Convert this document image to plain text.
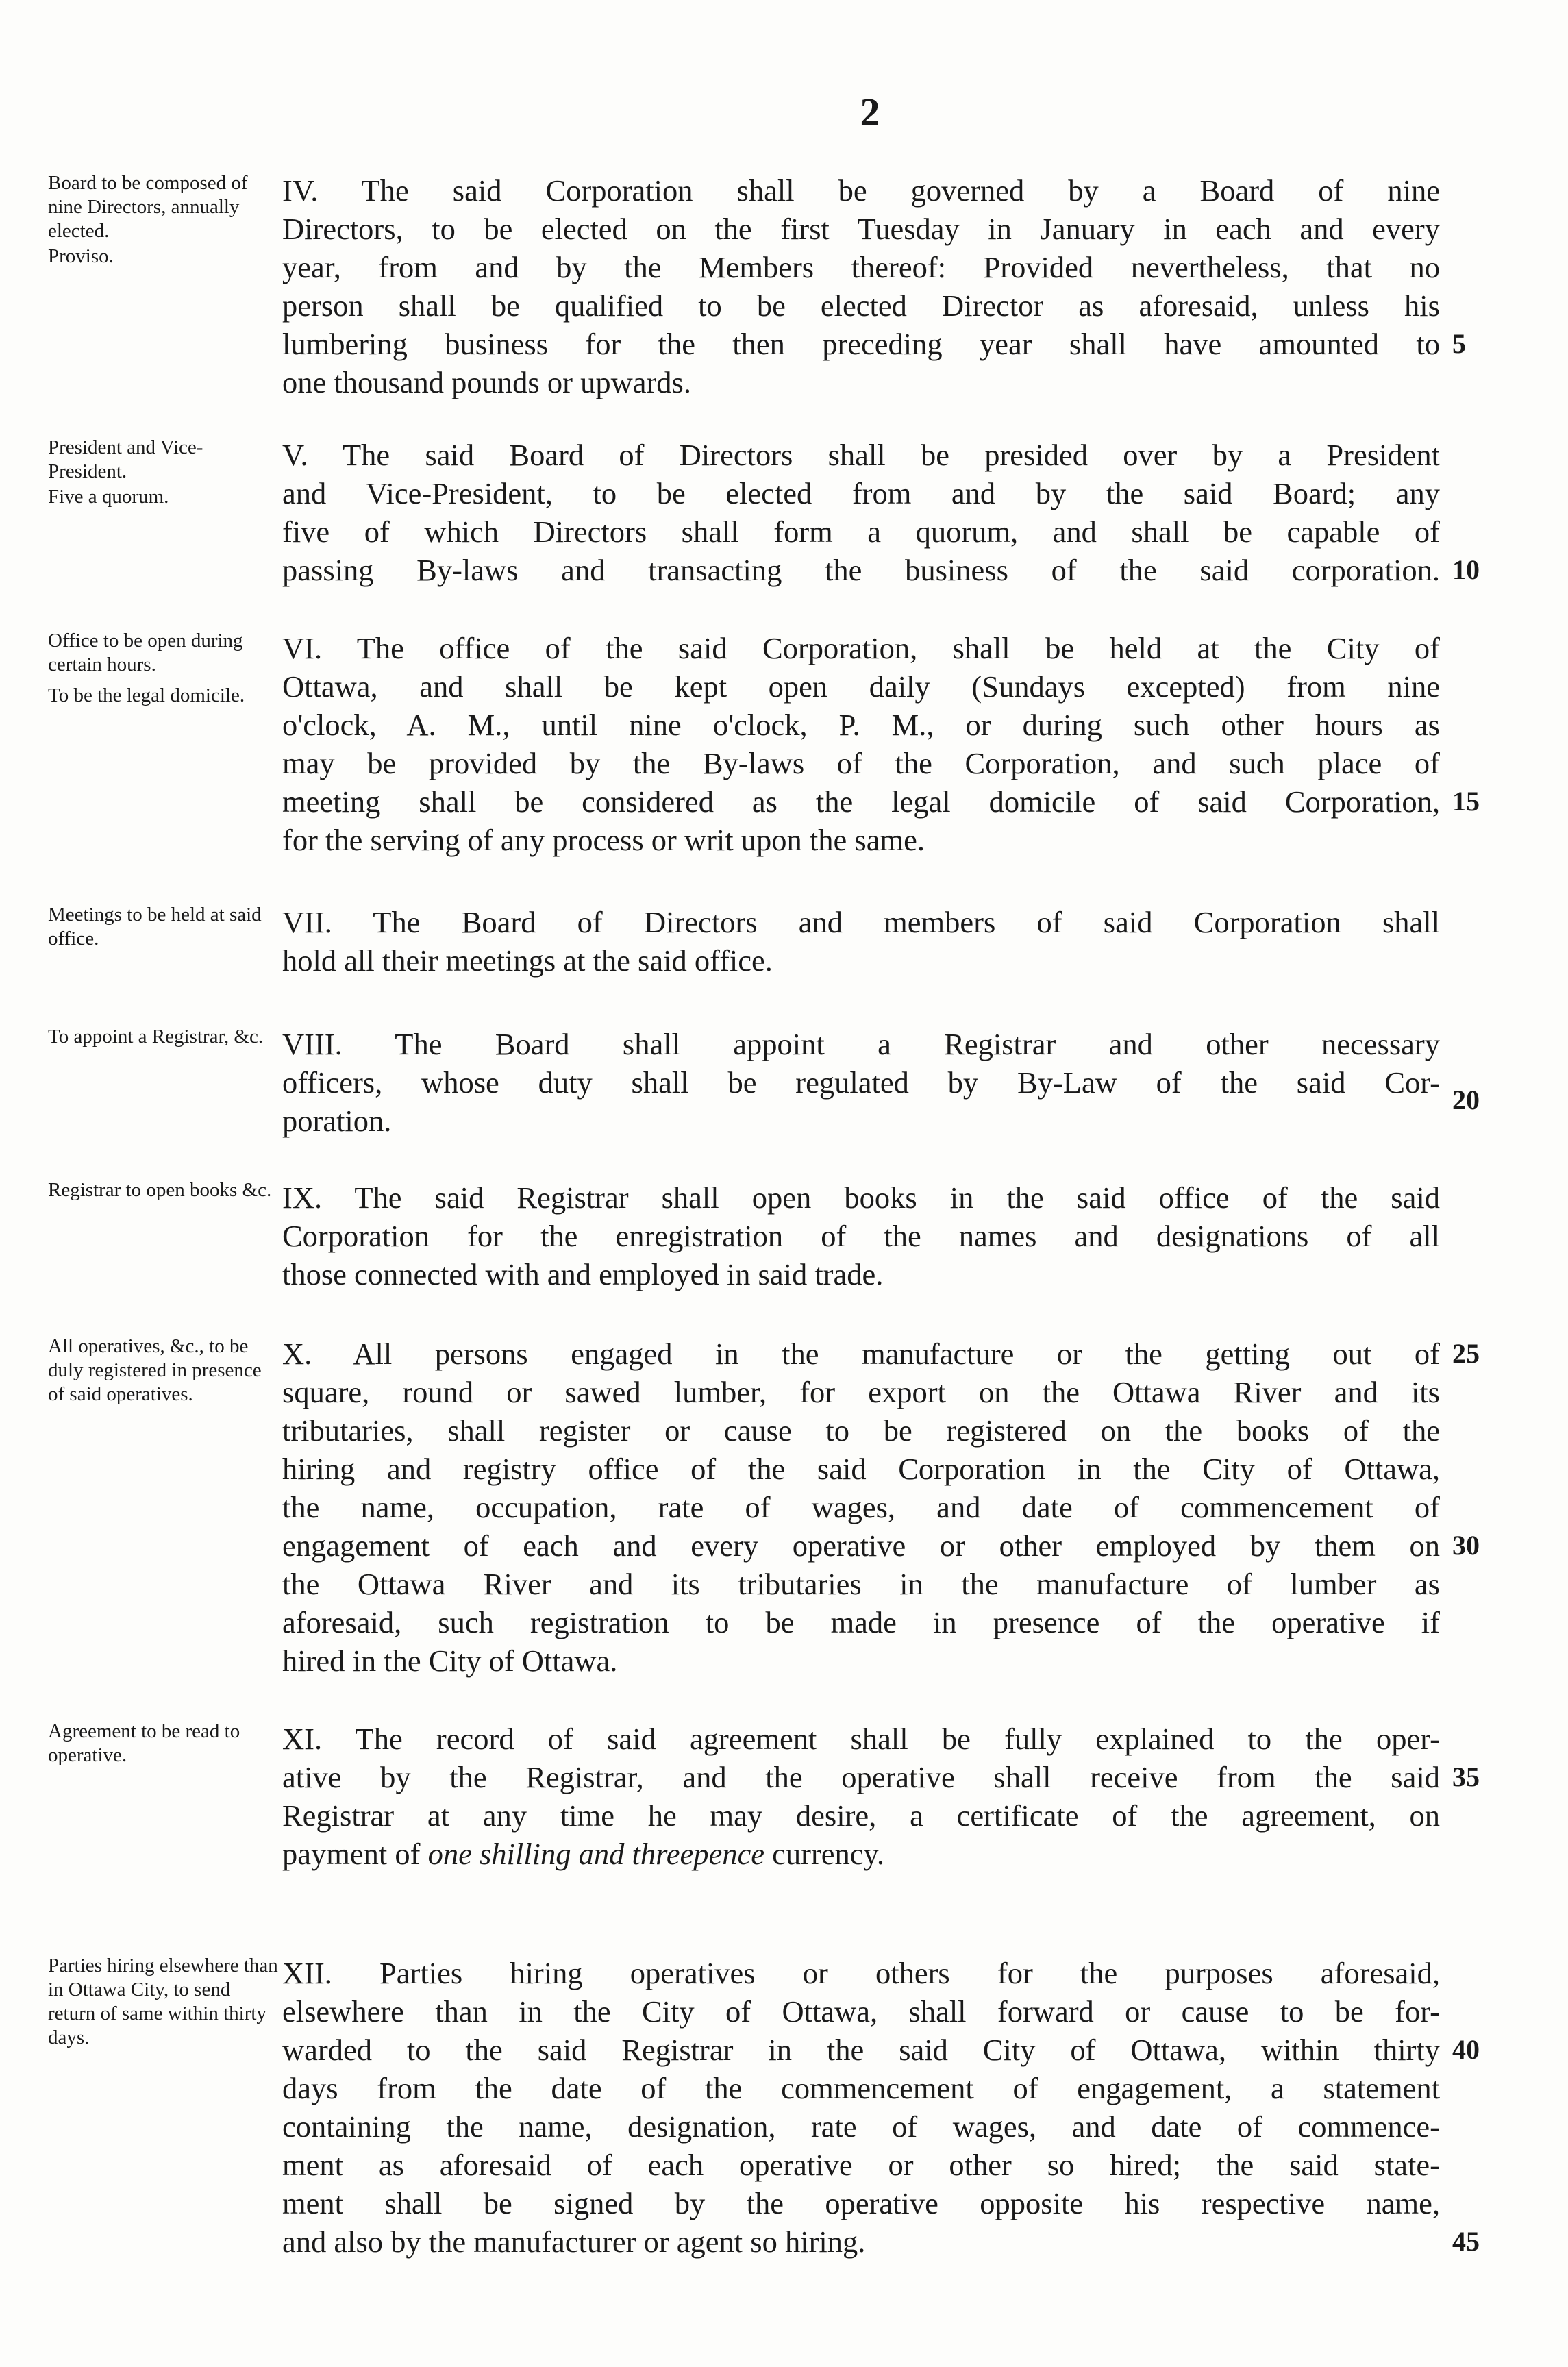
2
Board to be composed of nine Directors, annually elected.
Proviso.
IV. The said Corporation shall be governed by a Board of nine
Directors, to be elected on the first Tuesday in January in each and every
year, from and by the Members thereof: Provided nevertheless, that no
person shall be qualified to be elected Director as aforesaid, unless his
lumbering business for the then preceding year shall have amounted to
one thousand pounds or upwards.
President and Vice-President.
Five a quorum.
V. The said Board of Directors shall be presided over by a President
and Vice-President, to be elected from and by the said Board; any
five of which Directors shall form a quorum, and shall be capable of
passing By-laws and transacting the business of the said corporation.
Office to be open during certain hours.
To be the legal domicile.
VI. The office of the said Corporation, shall be held at the City of
Ottawa, and shall be kept open daily (Sundays excepted) from nine
o'clock, A. M., until nine o'clock, P. M., or during such other hours as
may be provided by the By-laws of the Corporation, and such place of
meeting shall be considered as the legal domicile of said Corporation,
for the serving of any process or writ upon the same.
Meetings to be held at said office.	VII. The Board of Directors and members of said Corporation shall
hold all their meetings at the said office.
To appoint a Registrar, &c. VIII. The Board shall appoint a Registrar and other necessary
officers, whose duty shall be regulated by By-Law of the said Cor-
poration.
Registrar to open books &c. IX. The said Registrar shall open books in the said office of the said
Corporation for the enregistration of the names and designations of all
those connected with and employed in said trade.
All operatives, &c., to be duly registered in presence of said operatives.
X. All persons engaged in the manufacture or the getting out of
square, round or sawed lumber, for export on the Ottawa River and its
tributaries, shall register or cause to be registered on the books of the
hiring and registry office of the said Corporation in the City of Ottawa,
the name, occupation, rate of wages, and date of commencement of
engagement of each and every operative or other employed by them on
the Ottawa River and its tributaries in the manufacture of lumber as
aforesaid, such registration to be made in presence of the operative if
hired in the City of Ottawa.
Agreement to be read to operative.	XI. The record of said agreement shall be fully explained to the oper-
ative by the Registrar, and the operative shall receive from the said
Registrar at any time he may desire, a certificate of the agreement, on
payment of one shilling and threepence currency.
Parties hiring elsewhere than in Ottawa City, to send return of same within thirty days.
XII. Parties hiring operatives or others for the purposes aforesaid,
elsewhere than in the City of Ottawa, shall forward or cause to be for-
warded to the said Registrar in the said City of Ottawa, within thirty
days from the date of the commencement of engagement, a statement
containing the name, designation, rate of wages, and date of commence-
ment as aforesaid of each operative or other so hired; the said state-
ment shall be signed by the operative opposite his respective name,
and also by the manufacturer or agent so hiring.
5
10
15
20
25
30
35
40
45
